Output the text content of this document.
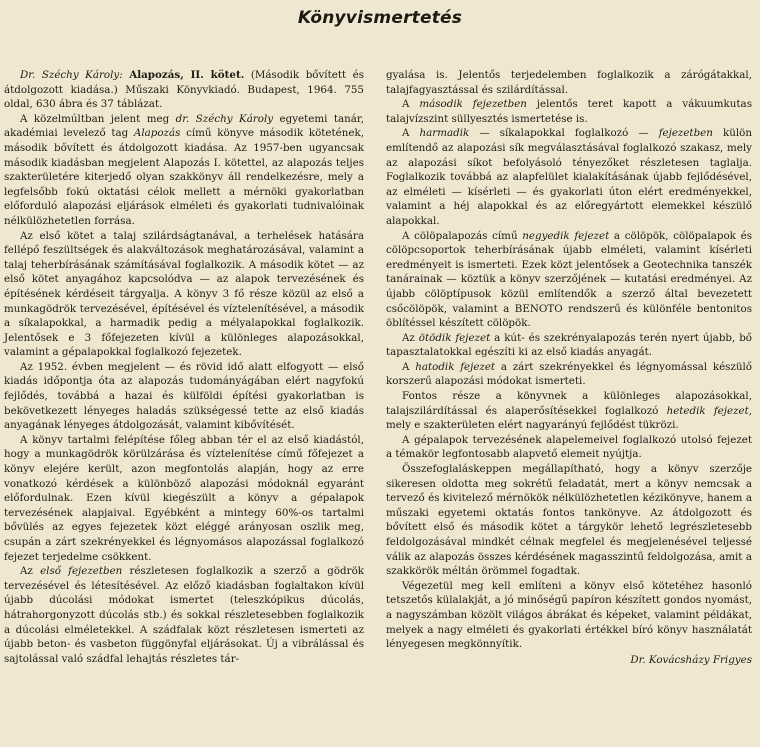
Könyvismertetés

Dr. Széchy Károly: Alapozás, II. kötet. (Második bővített és átdolgozott kiadása.) Műszaki Könyvkiadó. Budapest, 1964. 755 oldal, 630 ábra és 37 táblázat.

A közelmúltban jelent meg dr. Széchy Károly egyetemi tanár, akadémiai levelező tag Alapozás című könyve második kötetének, második bővített és átdolgozott kiadása. Az 1957-ben ugyancsak második kiadásban megjelent Alapozás I. kötettel, az alapozás teljes szakterületére kiterjedő olyan szakkönyv áll rendelkezésre, mely a legfelsőbb fokú oktatási célok mellett a mérnöki gyakorlatban előforduló alapozási eljárások elméleti és gyakorlati tudnivalóinak nélkülözhetetlen forrása.

Az első kötet a talaj szilárdságtanával, a terhelések hatására fellépő feszültségek és alakváltozások meghatározásával, valamint a talaj teherbírásának számításával foglalkozik. A második kötet — az első kötet anyagához kapcsolódva — az alapok tervezésének és építésének kérdéseit tárgyalja. A könyv 3 fő része közül az első a munkagödrök tervezésével, építésével és víztelenítésével, a második a síkalapokkal, a harmadik pedig a mélyalapokkal foglalkozik. Jelentősek e 3 főfejezeten kívül a különleges alapozásokkal, valamint a gépalapokkal foglalkozó fejezetek.

Az 1952. évben megjelent — és rövid idő alatt elfogyott — első kiadás időpontja óta az alapozás tudományágában elért nagyfokú fejlődés, továbbá a hazai és külföldi építési gyakorlatban is bekövetkezett lényeges haladás szükségessé tette az első kiadás anyagának lényeges átdolgozását, valamint kibővítését.

A könyv tartalmi felépítése főleg abban tér el az első kiadástól, hogy a munkagödrök körülzárása és víztelenítése című főfejezet a könyv elejére került, azon megfontolás alapján, hogy az erre vonatkozó kérdések a különböző alapozási módoknál egyaránt előfordulnak. Ezen kívül kiegészült a könyv a gépalapok tervezésének alapjaival. Egyébként a mintegy 60%-os tartalmi bővülés az egyes fejezetek közt eléggé arányosan oszlik meg, csupán a zárt szekrényekkel és légnyomásos alapozással foglalkozó fejezet terjedelme csökkent.

Az első fejezetben részletesen foglalkozik a szerző a gödrök tervezésével és létesítésével. Az előző kiadásban foglaltakon kívül újabb dúcolási módokat ismertet (teleszkópikus dúcolás, hátrahorgonyzott dúcolás stb.) és sokkal részletesebben foglalkozik a dúcolási elméletekkel. A szádfalak közt részletesen ismerteti az újabb beton- és vasbeton függönyfal eljárásokat. Új a vibrálással és sajtolással való szádfal lehajtás részletes tár-

gyalása is. Jelentős terjedelemben foglalkozik a zárógátakkal, talajfagyasztással és szilárdítással.

A második fejezetben jelentős teret kapott a vákuumkutas talajvízszint süllyesztés ismertetése is.

A harmadik — síkalapokkal foglalkozó — fejezetben külön említendő az alapozási sík megválasztásával foglalkozó szakasz, mely az alapozási síkot befolyásoló tényezőket részletesen taglalja. Foglalkozik továbbá az alapfelület kialakításának újabb fejlődésével, az elméleti — kísérleti — és gyakorlati úton elért eredményekkel, valamint a héj alapokkal és az előregyártott elemekkel készülő alapokkal.

A cölöpalapozás című negyedik fejezet a cölöpök, cölöpalapok és cölöpcsoportok teherbírásának újabb elméleti, valamint kísérleti eredményeit is ismerteti. Ezek közt jelentősek a Geotechnika tanszék tanárainak — köztük a könyv szerzőjének — kutatási eredményei. Az újabb cölöptípusok közül említendők a szerző által bevezetett csőcölöpök, valamint a BENOTO rendszerű és különféle bentonitos öblítéssel készített cölöpök.

Az ötödik fejezet a kút- és szekrényalapozás terén nyert újabb, bő tapasztalatokkal egészíti ki az első kiadás anyagát.

A hatodik fejezet a zárt szekrényekkel és légnyomással készülő korszerű alapozási módokat ismerteti.

Fontos része a könyvnek a különleges alapozásokkal, talajszilárdítással és alaperősítésekkel foglalkozó hetedik fejezet, mely e szakterületen elért nagyarányú fejlődést tükrözi.

A gépalapok tervezésének alapelemeivel foglalkozó utolsó fejezet a témakör legfontosabb alapvető elemeit nyújtja.

Összefoglaláskeppen megállapítható, hogy a könyv szerzője sikeresen oldotta meg sokrétű feladatát, mert a könyv nemcsak a tervező és kivitelező mérnökök nélkülözhetetlen kézikönyve, hanem a műszaki egyetemi oktatás fontos tankönyve. Az átdolgozott és bővített első és második kötet a tárgykör lehető legrészletesebb feldolgozásával mindkét célnak megfelel és megjelenésével teljessé válik az alapozás összes kérdésének magasszintű feldolgozása, amit a szakkörök méltán örömmel fogadtak.

Végezetül meg kell említeni a könyv első kötetéhez hasonló tetszetős külalakját, a jó minőségű papíron készített gondos nyomást, a nagyszámban közölt világos ábrákat és képeket, valamint példákat, melyek a nagy elméleti és gyakorlati értékkel bíró könyv használatát lényegesen megkönnyítik.

Dr. Kovácsházy Frigyes
